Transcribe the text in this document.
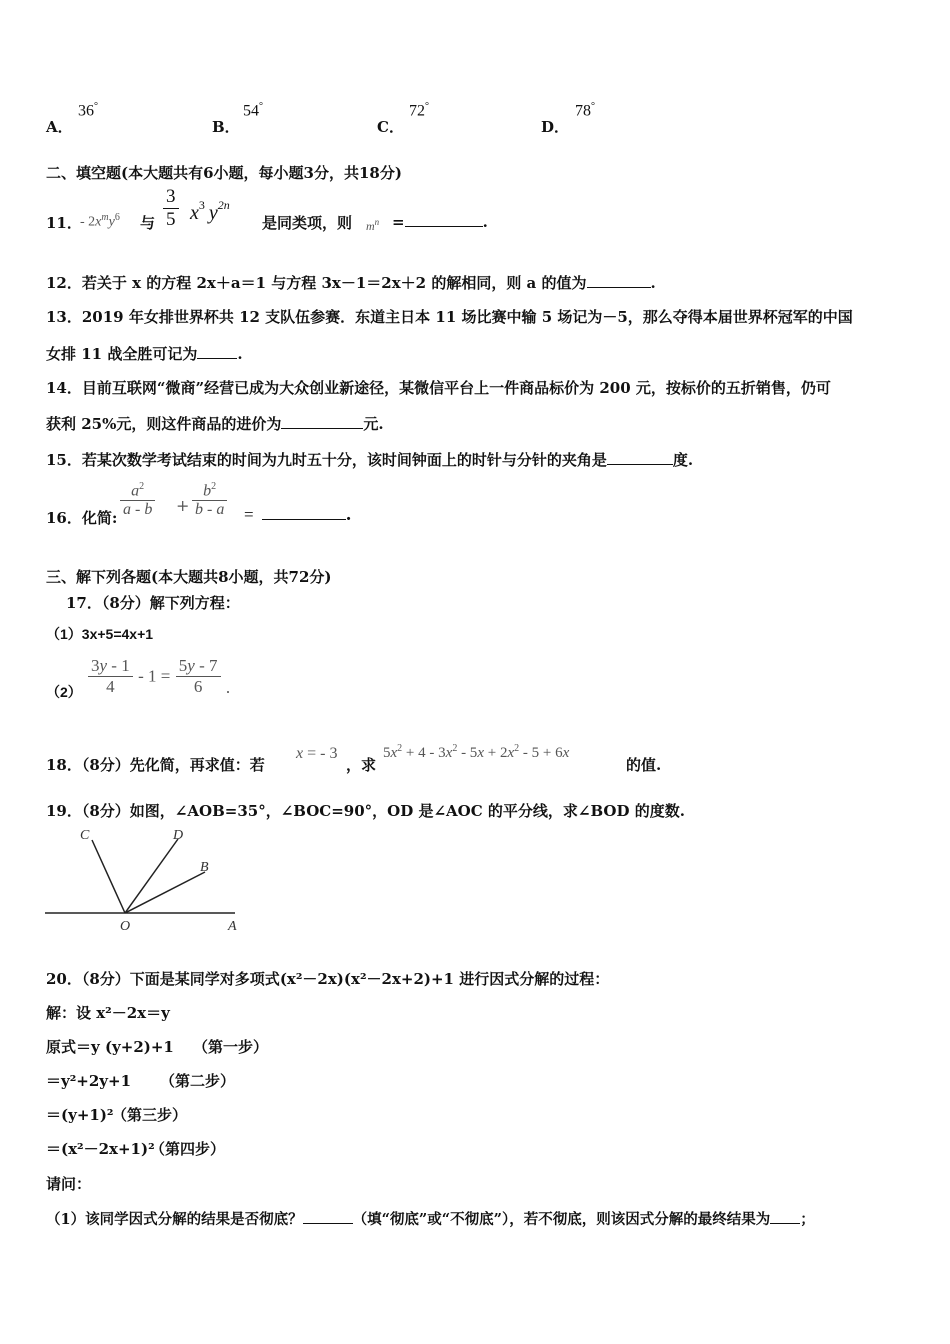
A．
36°
B．
54°
C．
72°
D．
78°
二、填空题(本大题共有6小题，每小题3分，共18分)
11．
- $2x^my^6$ 与 $\frac{3}{5} x^3$ $y^{2n}$
是同类项，则 $m^n$ =	.
12．若关于 x 的方程 2x＋a＝1 与方程 3x－1＝2x＋2 的解相同，则 a 的值为	.
13．2019 年女排世界杯共 12 支队伍参赛．东道主日本 11 场比赛中输 5 场记为－5，那么夺得本届世界杯冠军的中国
女排 11 战全胜可记为	.
14．目前互联网“微商”经营已成为大众创业新途径，某微信平台上一件商品标价为 200 元，按标价的五折销售，仍可
获利 25%元，则这件商品的进价为	元.
15．若某次数学考试结束的时间为九时五十分，该时间钟面上的时针与分针的夹角是	度.
16．化简: $\frac{a^2}{a - b} + \frac{b^2}{b - a}$ =	.
三、解下列各题(本大题共8小题，共72分)
17．（8分）解下列方程：
（1）3x+5=4x+1
$(2) \frac{3y - 1}{4} - 1 = \frac{5y - 7}{6}$ .
18．（8分）先化简，再求值：若
x = - 3
，求
$5x^2 + 4 - 3x^2 - 5x + 2x^2 - 5 + 6x$
的值.
19．（8分）如图，∠AOB=35°，∠BOC=90°，OD 是∠AOC 的平分线，求∠BOD 的度数.
C	D
B
O	A
20．（8分）下面是某同学对多项式(x²－2x)(x²－2x+2)+1 进行因式分解的过程：
解：设 x²－2x＝y
原式＝y (y+2)+1 （第一步）
＝y²+2y+1 （第二步）
＝(y+1)²
（第三步）
＝(x²－2x+1)²
（第四步）
请问：
（1）该同学因式分解的结果是否彻底？	（填“彻底”或“不彻底”），若不彻底，则该因式分解的最终结果为 ；
